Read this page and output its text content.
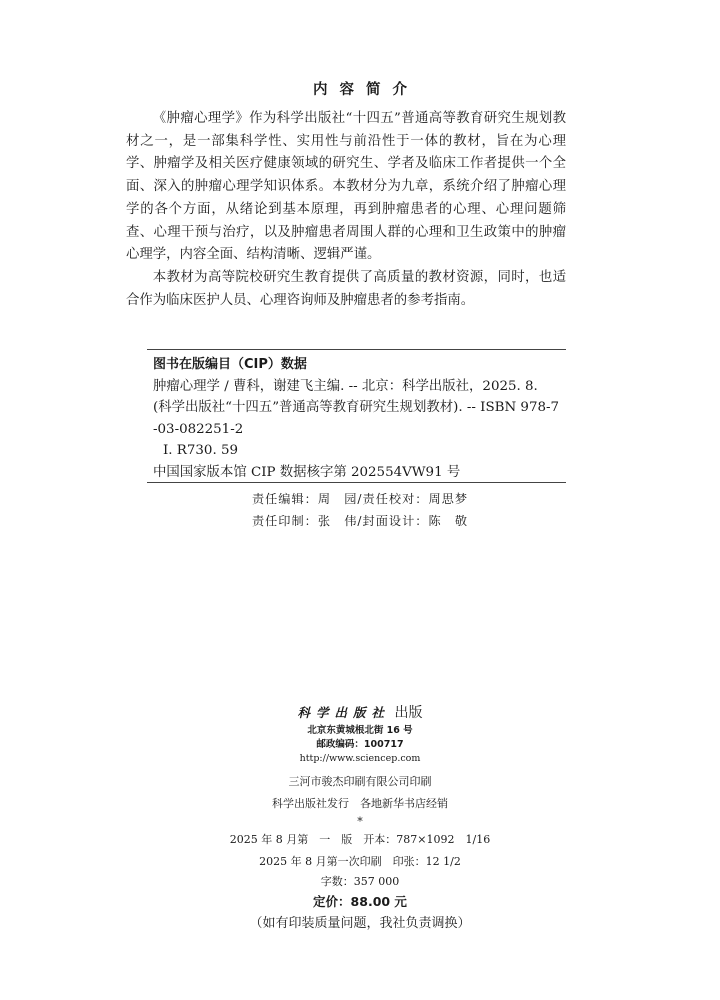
内容简介

《肿瘤心理学》作为科学出版社“十四五”普通高等教育研究生规划教材之一，是一部集科学性、实用性与前沿性于一体的教材，旨在为心理学、肿瘤学及相关医疗健康领域的研究生、学者及临床工作者提供一个全面、深入的肿瘤心理学知识体系。本教材分为九章，系统介绍了肿瘤心理学的各个方面，从绪论到基本原理，再到肿瘤患者的心理、心理问题筛查、心理干预与治疗，以及肿瘤患者周围人群的心理和卫生政策中的肿瘤心理学，内容全面、结构清晰、逻辑严谨。

本教材为高等院校研究生教育提供了高质量的教材资源，同时，也适合作为临床医护人员、心理咨询师及肿瘤患者的参考指南。

图书在版编目（CIP）数据
肿瘤心理学 / 曹科，谢建飞主编. -- 北京：科学出版社，2025. 8.
(科学出版社“十四五”普通高等教育研究生规划教材). -- ISBN 978-7
-03-082251-2
Ⅰ. R730. 59
中国国家版本馆 CIP 数据核字第 202554VW91 号
责任编辑：周　园/责任校对：周思梦
责任印制：张　伟/封面设计：陈　敬
科学出版社 出版
北京东黄城根北街 16 号
邮政编码：100717
http://www.sciencep.com
三河市骏杰印刷有限公司印刷
科学出版社发行　各地新华书店经销
*
2025 年 8 月第　一　版　开本：787×1092　1/16
2025 年 8 月第一次印刷　印张：12 1/2
字数：357 000
定价：88.00 元
（如有印装质量问题，我社负责调换）
